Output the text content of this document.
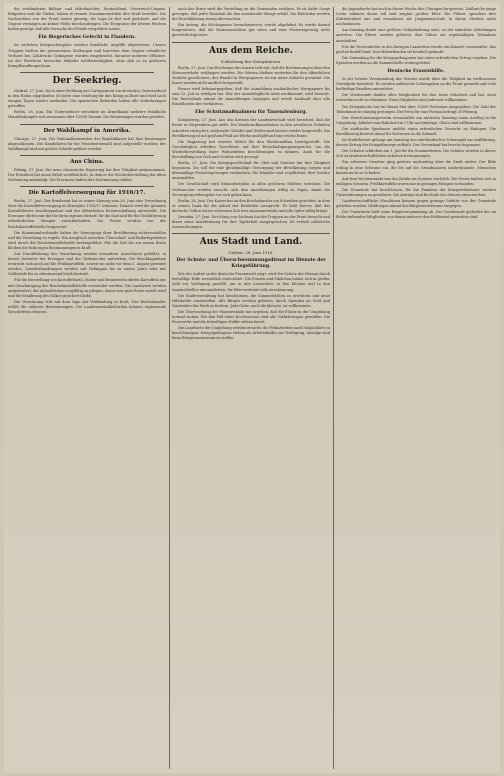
die verbündeten Balkan- und Mittelmächte, Deutschland, Österreich-Ungarn, Bulgarien und die Türkei, haben in treuem Zusammenwirken ihre Kraft bewährt. Die Nachrichten von der Front lauten günstig; die Lage ist fest und gesichert, und die Gegner vermögen an keiner Stelle durchzudringen. Die Ereignisse der letzten Wochen haben gezeigt, daß alle Versuche der Feinde vergeblich waren.

Ein fliegerisches Gefecht in Flandern.

Im östlichen Kriegsschauplatz wurden feindliche Angriffe abgewiesen. Unsere Truppen hielten die gewonnenen Stellungen und brachten dem Gegner erhebliche Verluste bei. Zahlreiche Gefangene wurden eingebracht, darunter mehrere Offiziere. An der Westfront herrschte lebhafte Artillerietätigkeit, ohne daß es zu größeren Kampfhandlungen kam.

Der Seekrieg.

Madrid, 27. Juni. Nach einer Meldung aus Cartagena ist ein deutsches Unterseeboot in den Hafen eingelaufen. Es hatte eine Sendung für den König an Bord und wird nach einigen Tagen wieder auslaufen. Die spanischen Behörden haben alle Vorkehrungen getroffen.

Berlin, 28. Juni. Ein Unterseeboot versenkte im Ärmelkanal mehrere feindliche Handelsdampfer mit zusammen über 12000 Tonnen. Die Besatzungen wurden gerettet.

Der Wahlkampf in Amerika.

Chicago, 27. Juni. Die Nationalkonvention der Republikaner hat ihre Beratungen abgeschlossen. Die Kandidaten für die Präsidentenwahl sind aufgestellt worden; der Wahlkampf wird mit großer Schärfe geführt werden.

Aus China.

Peking, 27. Juni. Die neue chinesische Regierung hat ihre Tätigkeit aufgenommen. Der Präsident hat einen Erlaß veröffentlicht, in dem er die Wiederherstellung der alten Verfassung ankündigt. Die Provinzen haben ihre Zustimmung erklärt.

Die Kartoffelversorgung für 1916/17.

Berlin, 27. Juni. Der Bundesrat hat in seiner Sitzung vom 26. Juni eine Verordnung über die Kartoffelversorgung im Erntejahr 1916/17 erlassen. Danach wird die gesamte Kartoffelernte beschlagnahmt und der öffentlichen Bewirtschaftung unterstellt. Die Erzeuger dürfen nur die für ihren eigenen Bedarf, für die Saat und für die Viehfütterung erforderlichen Mengen zurückbehalten. Die Preise werden von der Reichskartoffelstelle festgesetzt.

Die Kommunalverbände haben die Versorgung ihrer Bevölkerung sicherzustellen und die Verteilung zu regeln. Ein Ausgleich zwischen Überschuß- und Bedarfsgebieten wird durch die Reichskartoffelstelle herbeigeführt. Für die Zeit bis zur neuen Ernte bleiben die bisherigen Bestimmungen in Kraft.

Zur Durchführung der Verordnung werden besondere Ausschüsse gebildet, in denen Vertreter der Erzeuger und der Verbraucher mitwirken. Die Beschlagnahme erstreckt sich auch auf die Frühkartoffeln, soweit sie nicht vor dem 1. August geerntet werden. Zuwiderhandlungen werden mit Gefängnis bis zu einem Jahre oder mit Geldstrafe bis zu zehntausend Mark bestraft.

Für die Herstellung von Kartoffelmehl, Stärke und Branntwein dürfen Kartoffeln nur mit Genehmigung der Reichskartoffelstelle verwendet werden. Die Landwirte werden aufgefordert, die Anbauflächen sorgfältig zu pflegen, damit eine gute Ernte erzielt wird und die Ernährung des Volkes gesichert bleibt.

Die Verordnung tritt mit dem Tage der Verkündung in Kraft. Der Reichskanzler erläßt die näheren Bestimmungen. Die Landeszentralbehörden können ergänzende Vorschriften erlassen.

nach der Ernte wird die Verteilung an die Gemeinden erfolgen. Es ist dafür Sorge getragen, daß jeder Haushalt die ihm zustehende Menge erhält. Die Behörden werden die Durchführung streng überwachen.

Ein Antrag, die Höchstpreise heraufzusetzen, wurde abgelehnt. Es wurde darauf hingewiesen, daß die Ernteaussichten gut seien und eine Preissteigerung nicht gerechtfertigt wäre.

Aus dem Reiche.
Schließung der Kriegsbörsen.

Berlin, 27. Juni. Das Reichsamt des Innern teilt mit, daß die Bestimmungen über den Börsenverkehr verlängert werden. Die Börsen bleiben weiterhin für den öffentlichen Verkehr geschlossen; der Handel in Wertpapieren ist nur unter Aufsicht gestattet. Die Kurse werden nicht amtlich festgestellt.

Ferner wird bekanntgegeben, daß die Anmeldung ausländischer Wertpapiere bis zum 15. Juli zu erfolgen hat. Wer der Anmeldepflicht nicht nachkommt, wird bestraft. Die Reichsbank nimmt die Anmeldungen entgegen und erteilt Auskunft über alle Einzelheiten des Verfahrens.

Ehe Schutzmaßnahmen für Tauenzienburg.

Königsberg, 27. Juni. Aus den Kreisen der Landwirtschaft wird berichtet, daß die Ernte in Ostpreußen gut steht. Die Wiederaufbauarbeiten in den zerstörten Gebieten schreiten rüstig fort; zahlreiche Gehöfte und Dörfer sind bereits wieder hergestellt. Die Bevölkerung ist mit großem Fleiß am Werke und hofft auf eine reiche Ernte.

Die Regierung hat weitere Mittel für den Wiederaufbau bereitgestellt. Die Geschädigten erhalten Vorschüsse auf ihre Entschädigungsansprüche, um die Wiederherstellung ihrer Wohnstätten beschleunigen zu können. Auch für die Beschaffung von Vieh und Geräten wird gesorgt.

Berlin, 27. Juni. Die Kriegsgesellschaft für Obst und Gemüse hat ihre Tätigkeit begonnen. Sie soll für eine gleichmäßige Versorgung der Bevölkerung sorgen und übermäßige Preissteigerungen verhindern. Die Händler sind verpflichtet, ihre Vorräte anzumelden.

Die Gesellschaft wird Einkaufsstellen in allen größeren Städten errichten. Die Verbraucher werden ersucht, sich den Anordnungen willig zu fügen, damit die Versorgung reibungslos vor sich gehen kann.

Berlin, 28. Juni. Der Kaiser hat an den Reichskanzler ein Schreiben gerichtet, in dem er seinen Dank für die Arbeit der Behörden ausspricht. Er hebt hervor, daß das deutsche Volk in dieser schweren Zeit treu zusammensteht und alle Opfer willig bringt.

Dresden, 27. Juni. Der König von Sachsen hat die Truppen an der Front besucht und ihnen seine Anerkennung für ihre Tapferkeit ausgesprochen. Er verlieh zahlreiche Auszeichnungen.

Aus Stadt und Land.
Gießen, 28. Juni 1916.
Der Schutz- und Überschwemmungsdienst im Dienste der Kriegsführung.

Wie der Aufruf an die deutsche Frauenwelt zeigt, wird der Schutz der Heimat durch freiwillige Hilfe wesentlich unterstützt. Die Frauen und Mädchen haben sich in großer Zahl zur Verfügung gestellt, um in den Lazaretten, in den Küchen und in den Sammelstellen mitzuarbeiten. Ihr Eifer verdient volle Anerkennung.

Die Stadtverwaltung hat beschlossen, die Sammelstellen zu erweitern und neue Hilfskräfte einzustellen. Alle Bürger werden gebeten, durch Spenden an Geld und Naturalien das Werk zu fördern. Jede Gabe, auch die kleinste, ist willkommen.

Die Überwachung der Wasserstände hat ergeben, daß die Flüsse in der Umgebung normal stehen. Für den Fall eines Hochwassers sind alle Vorkehrungen getroffen. Die Feuerwehr und die freiwilligen Helfer stehen bereit.

Die Landwirte der Umgebung werden ersucht, die Feldarbeiten nach Möglichkeit zu beschleunigen. Kriegsgefangene stehen als Arbeitskräfte zur Verfügung; Anträge sind beim Bürgermeisteramt zu stellen.

die Jugendwehr hat auch in dieser Woche ihre Übungen fortgesetzt. Zahlreiche junge Leute nahmen daran teil und zeigten großen Eifer. Die Führer sprachen ihre Zufriedenheit aus und ermahnten die Jungmannschaft, in ihrem Streben nicht nachzulassen.

Am Sonntag findet eine größere Geländeübung statt, zu der sämtliche Abteilungen antreten. Die Eltern werden gebeten, ihre Söhne zur regelmäßigen Teilnahme anzuhalten.

Für die Verwundeten in den hiesigen Lazaretten wurde ein Konzert veranstaltet, das großen Beifall fand. Den Mitwirkenden sei herzlich gedankt.

Die Sammlung für die Kriegsgefangenen hat einen erfreulichen Ertrag ergeben. Die Spenden werden an die Sammelstelle weitergeleitet.

Deutsche Frauenhilfe.

In der letzten Versammlung des Vereins wurde über die Tätigkeit im verflossenen Vierteljahr berichtet. Es wurden zahlreiche Liebesgaben an die Front gesandt und viele bedürftige Familien unterstützt.

Die Vorsitzende dankte allen Mitgliedern für ihre treue Mitarbeit und bat, auch weiterhin nicht zu erlahmen. Neue Mitglieder sind jederzeit willkommen.

Die Kriegsküche hat im Monat Mai über 12000 Portionen ausgegeben. Die Zahl der Teilnehmer ist ständig gestiegen. Der Preis für eine Portion beträgt 30 Pfennig.

Der Verschönerungsverein veranstaltet am nächsten Sonntag einen Ausflug in die Umgebung. Abfahrt vom Bahnhof um 2 Uhr nachmittags. Gäste sind willkommen.

Die städtische Sparkasse meldet einen erfreulichen Zuwachs an Einlagen. Die Bevölkerung beweist damit ihr Vertrauen in die Zukunft.

Im Stadttheater gelangt am Samstag ein vaterländisches Schauspiel zur Aufführung, dessen Ertrag der Kriegsfürsorge zufließt. Der Vorverkauf hat bereits begonnen.

Die Schulen schließen am 1. Juli für die Sommerferien. Die Schüler werden in dieser Zeit zu landwirtschaftlichen Arbeiten herangezogen.

Ein schweres Gewitter ging gestern nachmittag über die Stadt nieder. Der Blitz schlug in eine Scheune ein, die bis auf die Grundmauern niederbrannte. Menschen kamen nicht zu Schaden.

Auf dem Wochenmarkt war die Zufuhr an Gemüse reichlich. Die Preise hielten sich in mäßigen Grenzen. Frühkartoffeln waren nur in geringen Mengen vorhanden.

Die Gemeinde hat beschlossen, für die Familien der Kriegsteilnehmer weitere Unterstützungen zu gewähren. Die Anträge sind bis Ende des Monats einzureichen.

Landwirtschaftliche Maschinen können gegen geringe Gebühr von der Gemeinde geliehen werden. Meldungen nimmt das Bürgermeisteramt entgegen.

Der Turnverein hielt seine Hauptversammlung ab. Der Vorsitzende gedachte der im Felde stehenden Mitglieder, von denen mehrere den Heldentod gestorben sind.
